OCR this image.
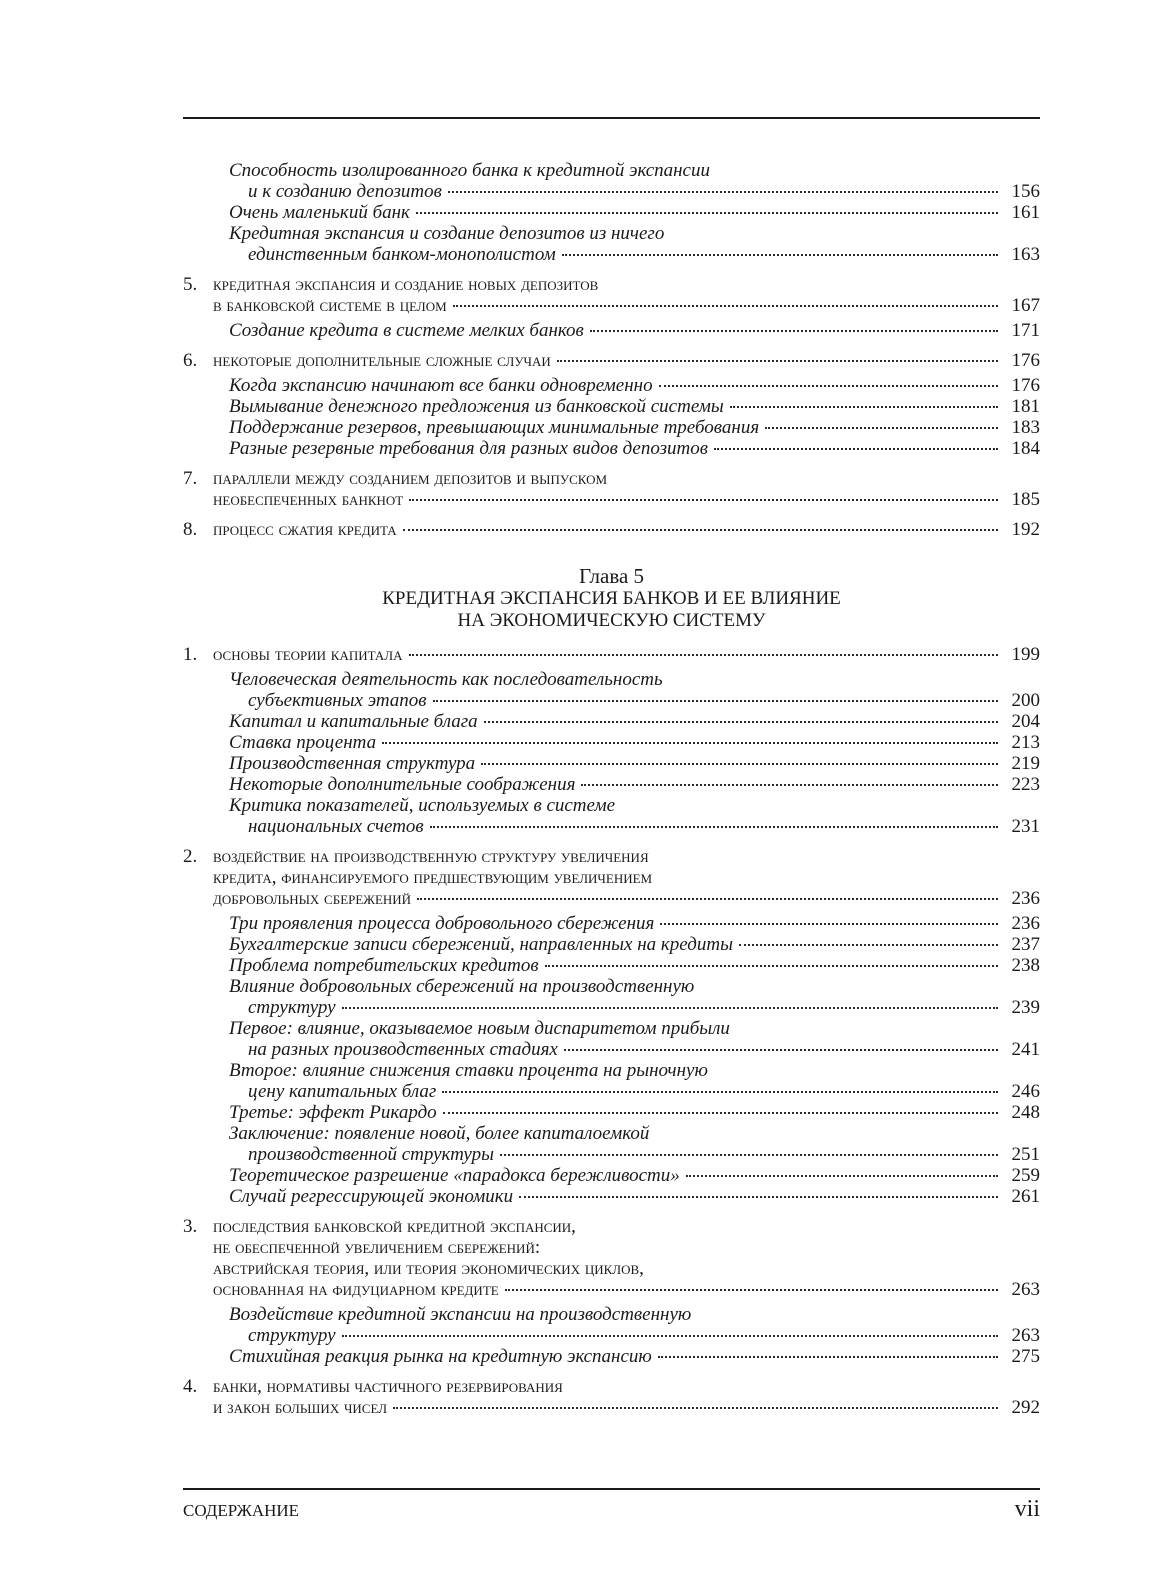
Способность изолированного банка к кредитной экспансии
и к созданию депозитов	156
Очень маленький банк	161
Кредитная экспансия и создание депозитов из ничего
единственным банком-монополистом	163
5. кредитная экспансия и создание новых депозитов
в банковской системе в целом	167
Создание кредита в системе мелких банков	171
6. некоторые дополнительные сложные случаи	176
Когда экспансию начинают все банки одновременно	176
Вымывание денежного предложения из банковской системы	181
Поддержание резервов, превышающих минимальные требования	183
Разные резервные требования для разных видов депозитов	184
7. параллели между созданием депозитов и выпуском
необеспеченных банкнот	185
8. процесс сжатия кредита	192
Глава 5
КРЕДИТНАЯ ЭКСПАНСИЯ БАНКОВ И ЕЕ ВЛИЯНИЕ
НА ЭКОНОМИЧЕСКУЮ СИСТЕМУ
1. основы теории капитала	199
Человеческая деятельность как последовательность
субъективных этапов	200
Капитал и капитальные блага	204
Ставка процента	213
Производственная структура	219
Некоторые дополнительные соображения	223
Критика показателей, используемых в системе
национальных счетов	231
2. воздействие на производственную структуру увеличения
кредита, финансируемого предшествующим увеличением
добровольных сбережений	236
Три проявления процесса добровольного сбережения	236
Бухгалтерские записи сбережений, направленных на кредиты	237
Проблема потребительских кредитов	238
Влияние добровольных сбережений на производственную
структуру	239
Первое: влияние, оказываемое новым диспаритетом прибыли
на разных производственных стадиях	241
Второе: влияние снижения ставки процента на рыночную
цену капитальных благ	246
Третье: эффект Рикардо	248
Заключение: появление новой, более капиталоемкой
производственной структуры	251
Теоретическое разрешение «парадокса бережливости»	259
Случай регрессирующей экономики	261
3. последствия банковской кредитной экспансии,
не обеспеченной увеличением сбережений:
австрийская теория, или теория экономических циклов,
основанная на фидуциарном кредите	263
Воздействие кредитной экспансии на производственную
структуру	263
Стихийная реакция рынка на кредитную экспансию	275
4. банки, нормативы частичного резервирования
и закон больших чисел	292
содержание	vii
